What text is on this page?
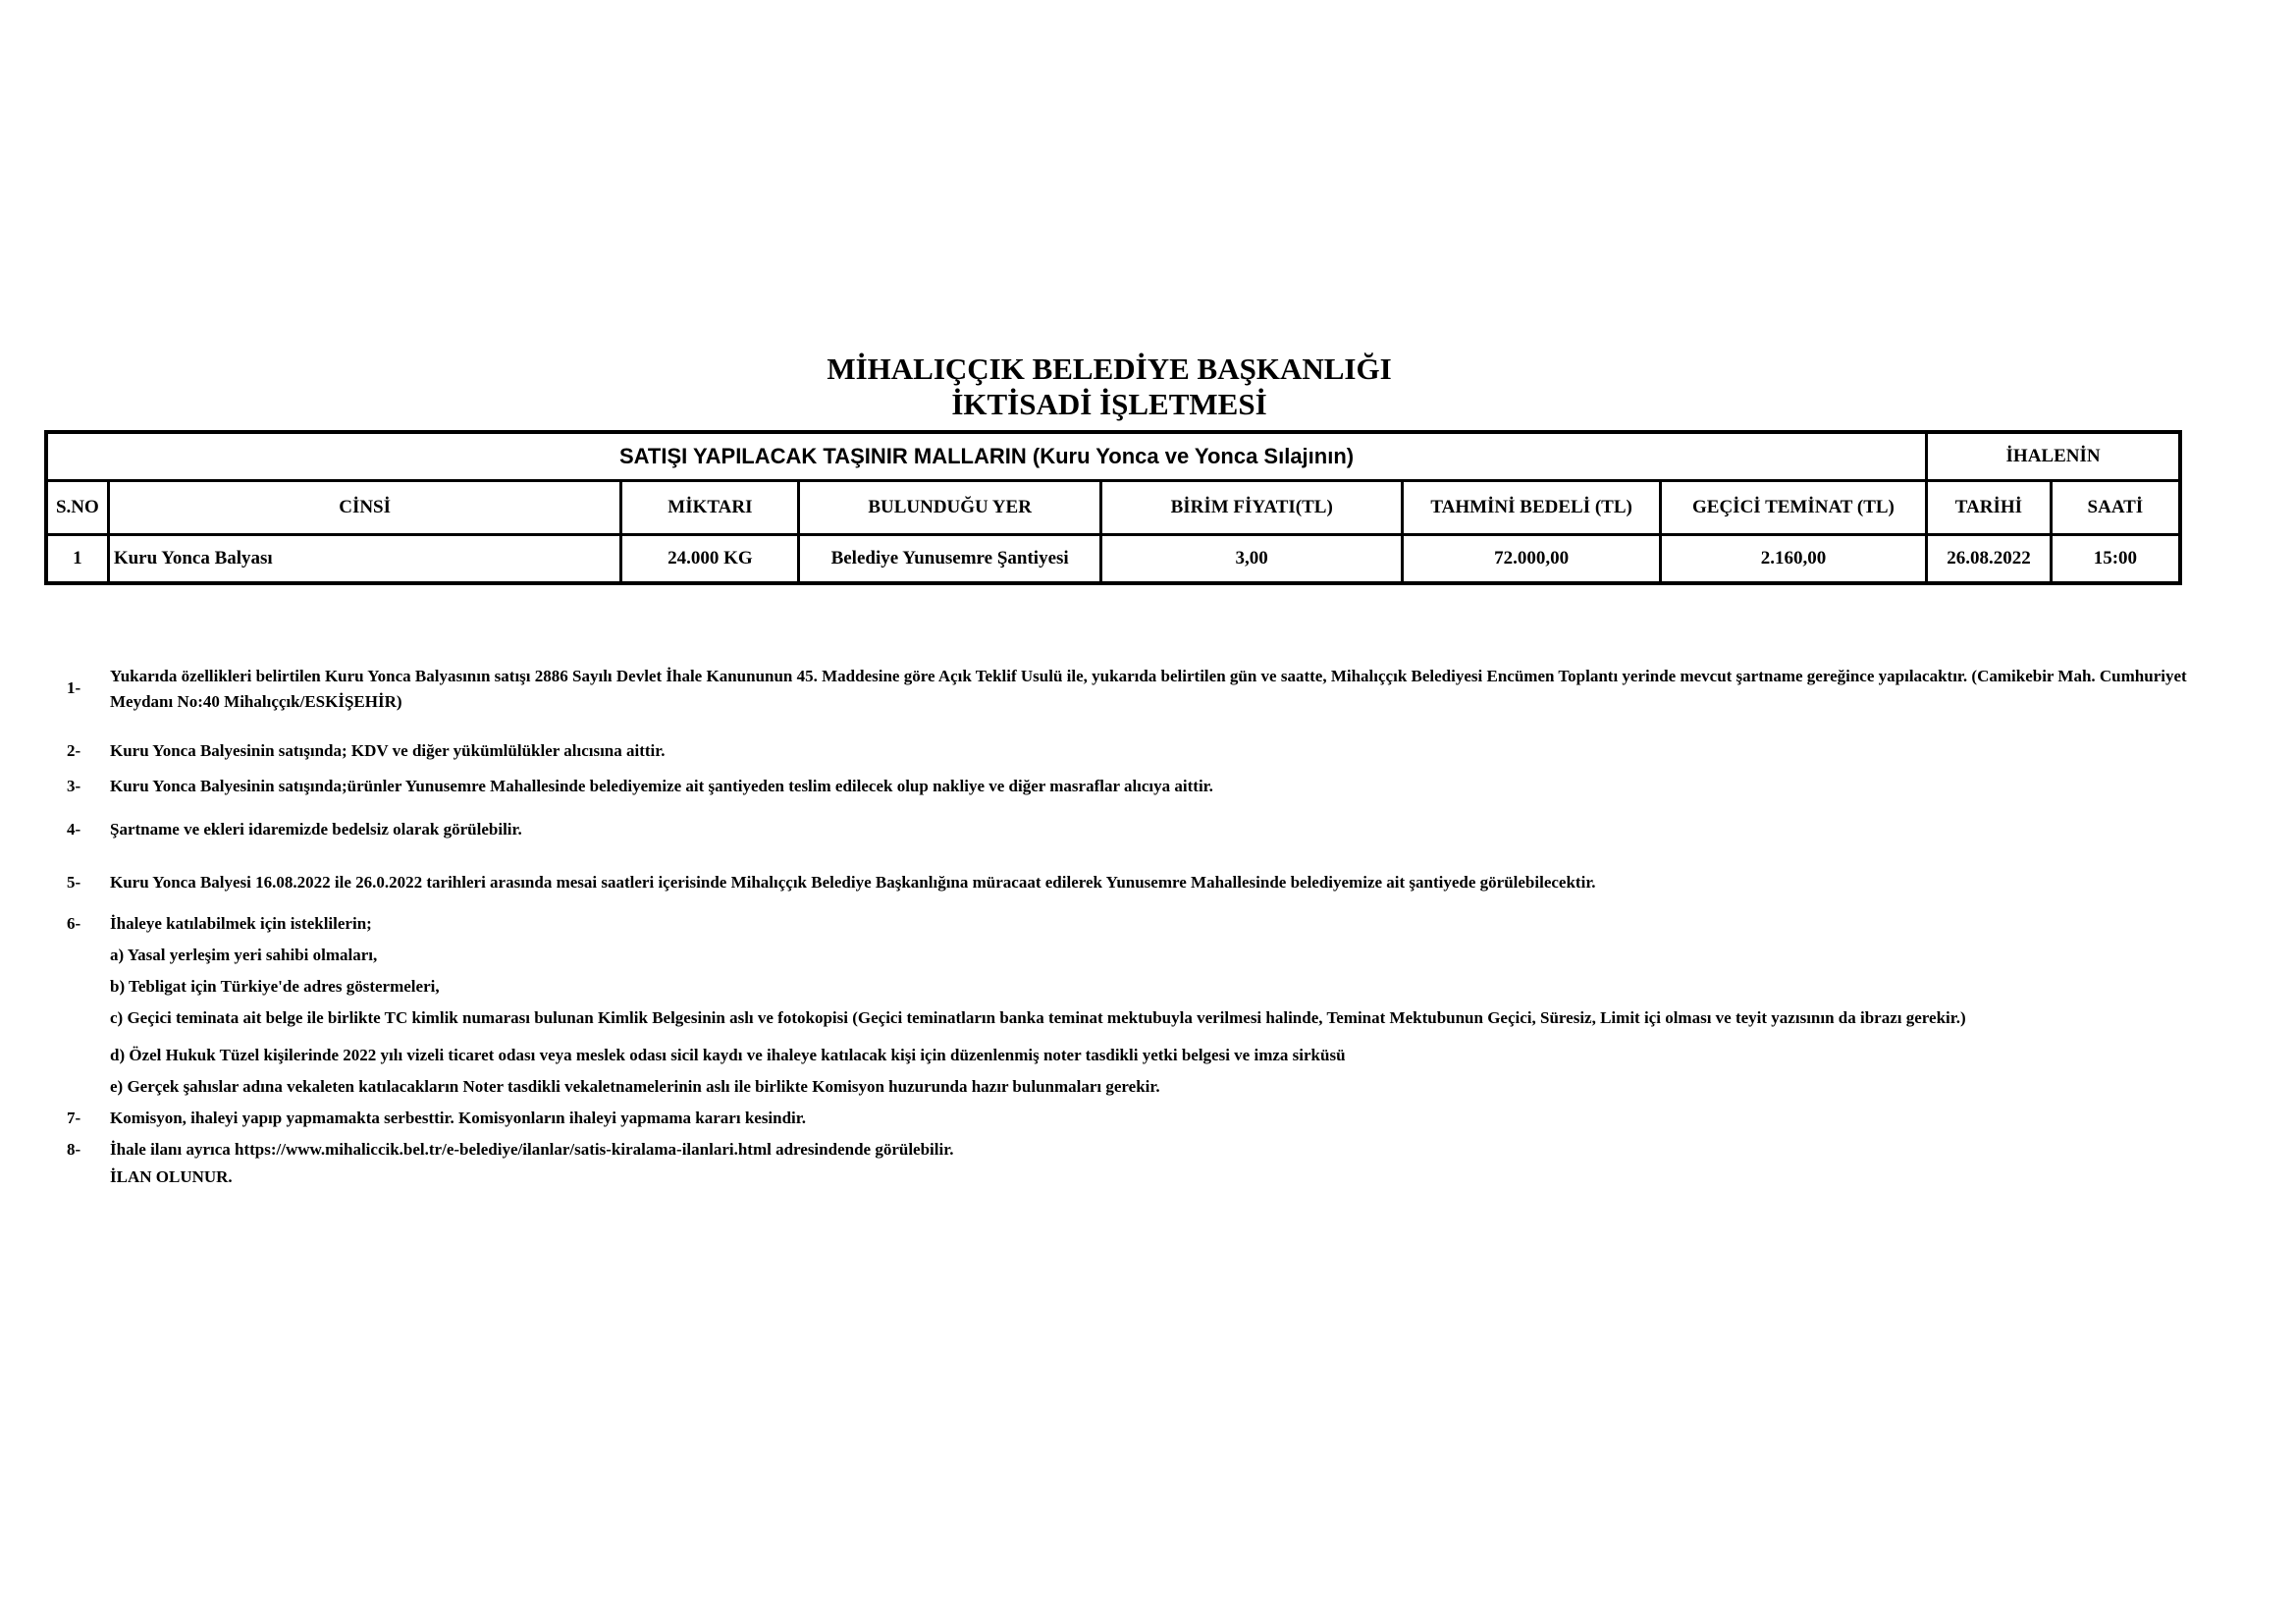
MİHALIÇÇIK BELEDİYE BAŞKANLIĞI
İKTİSADİ İŞLETMESİ
SATIŞI YAPILACAK TAŞINIR MALLARIN (Kuru Yonca ve Yonca Sılajının)							İHALENİN	
S.NO	CİNSİ	MİKTARI	BULUNDUĞU YER	BİRİM FİYATI(TL)	TAHMİNİ BEDELİ (TL)	GEÇİCİ TEMİNAT (TL)	TARİHİ	SAATİ
1	Kuru Yonca Balyası	24.000 KG	Belediye Yunusemre Şantiyesi	3,00	72.000,00	2.160,00	26.08.2022	15:00
1-
Yukarıda özellikleri belirtilen Kuru Yonca Balyasının satışı 2886 Sayılı Devlet İhale Kanununun 45. Maddesine göre Açık Teklif Usulü ile, yukarıda belirtilen gün ve saatte, Mihalıççık Belediyesi Encümen Toplantı yerinde mevcut şartname gereğince yapılacaktır. (Camikebir Mah. Cumhuriyet Meydanı No:40 Mihalıççık/ESKİŞEHİR)
2-	Kuru Yonca Balyesinin satışında; KDV ve diğer yükümlülükler alıcısına aittir.
3-	Kuru Yonca Balyesinin satışında;ürünler Yunusemre Mahallesinde belediyemize ait şantiyeden teslim edilecek olup nakliye ve diğer masraflar alıcıya aittir.
4-	Şartname ve ekleri idaremizde bedelsiz olarak görülebilir.
5-	Kuru Yonca Balyesi 16.08.2022 ile 26.0.2022 tarihleri arasında mesai saatleri içerisinde Mihalıççık Belediye Başkanlığına müracaat edilerek Yunusemre Mahallesinde belediyemize ait şantiyede görülebilecektir.
6-	İhaleye katılabilmek için isteklilerin;
a) Yasal yerleşim yeri sahibi olmaları,
b) Tebligat için Türkiye'de adres göstermeleri,
c) Geçici teminata ait belge ile birlikte TC kimlik numarası bulunan Kimlik Belgesinin aslı ve fotokopisi (Geçici teminatların banka teminat mektubuyla verilmesi halinde, Teminat Mektubunun Geçici, Süresiz, Limit içi olması ve teyit yazısının da ibrazı gerekir.)
d) Özel Hukuk Tüzel kişilerinde 2022 yılı vizeli ticaret odası veya meslek odası sicil kaydı ve ihaleye katılacak kişi için düzenlenmiş noter tasdikli yetki belgesi ve imza sirküsü
e) Gerçek şahıslar adına vekaleten katılacakların Noter tasdikli vekaletnamelerinin aslı ile birlikte Komisyon huzurunda hazır bulunmaları gerekir.
7-	Komisyon, ihaleyi yapıp yapmamakta serbesttir. Komisyonların ihaleyi yapmama kararı kesindir.
8-	İhale ilanı ayrıca https://www.mihaliccik.bel.tr/e-belediye/ilanlar/satis-kiralama-ilanlari.html adresindende görülebilir.
İLAN OLUNUR.
